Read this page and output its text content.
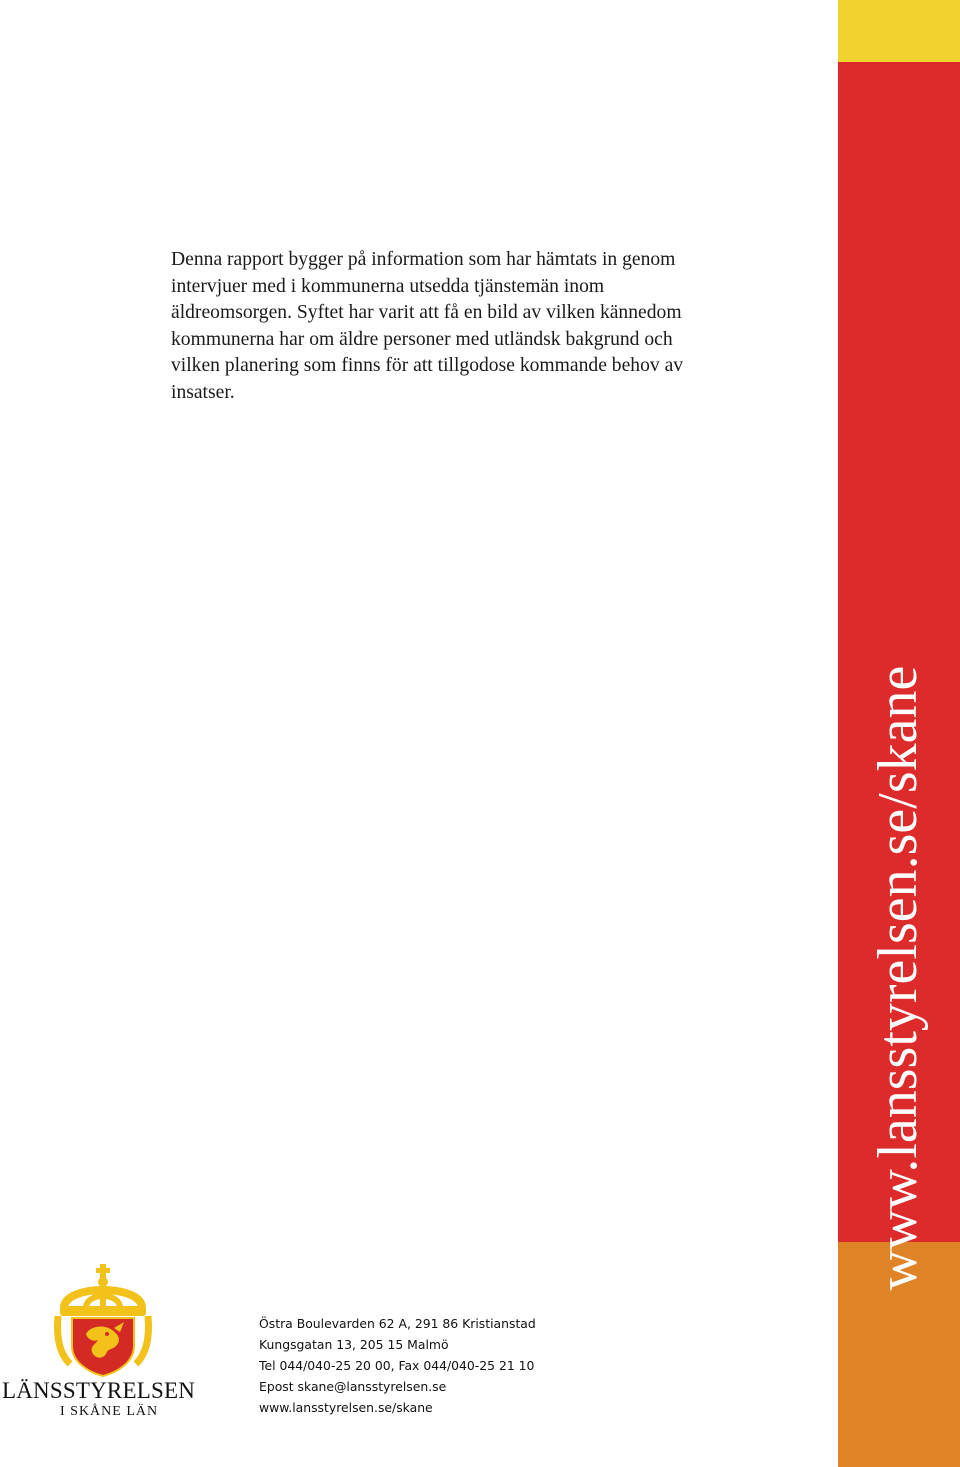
www.lansstyrelsen.se/skane

Denna rapport bygger på information som har hämtats in genom intervjuer med i kommunerna utsedda tjänstemän inom äldreomsorgen. Syftet har varit att få en bild av vilken kännedom kommunerna har om äldre personer med utländsk bakgrund och vilken planering som finns för att tillgodose kommande behov av insatser.

LÄNSSTYRELSEN
I SKÅNE LÄN
Östra Boulevarden 62 A, 291 86 Kristianstad
Kungsgatan 13, 205 15 Malmö
Tel 044/040-25 20 00, Fax 044/040-25 21 10
Epost skane@lansstyrelsen.se
www.lansstyrelsen.se/skane
